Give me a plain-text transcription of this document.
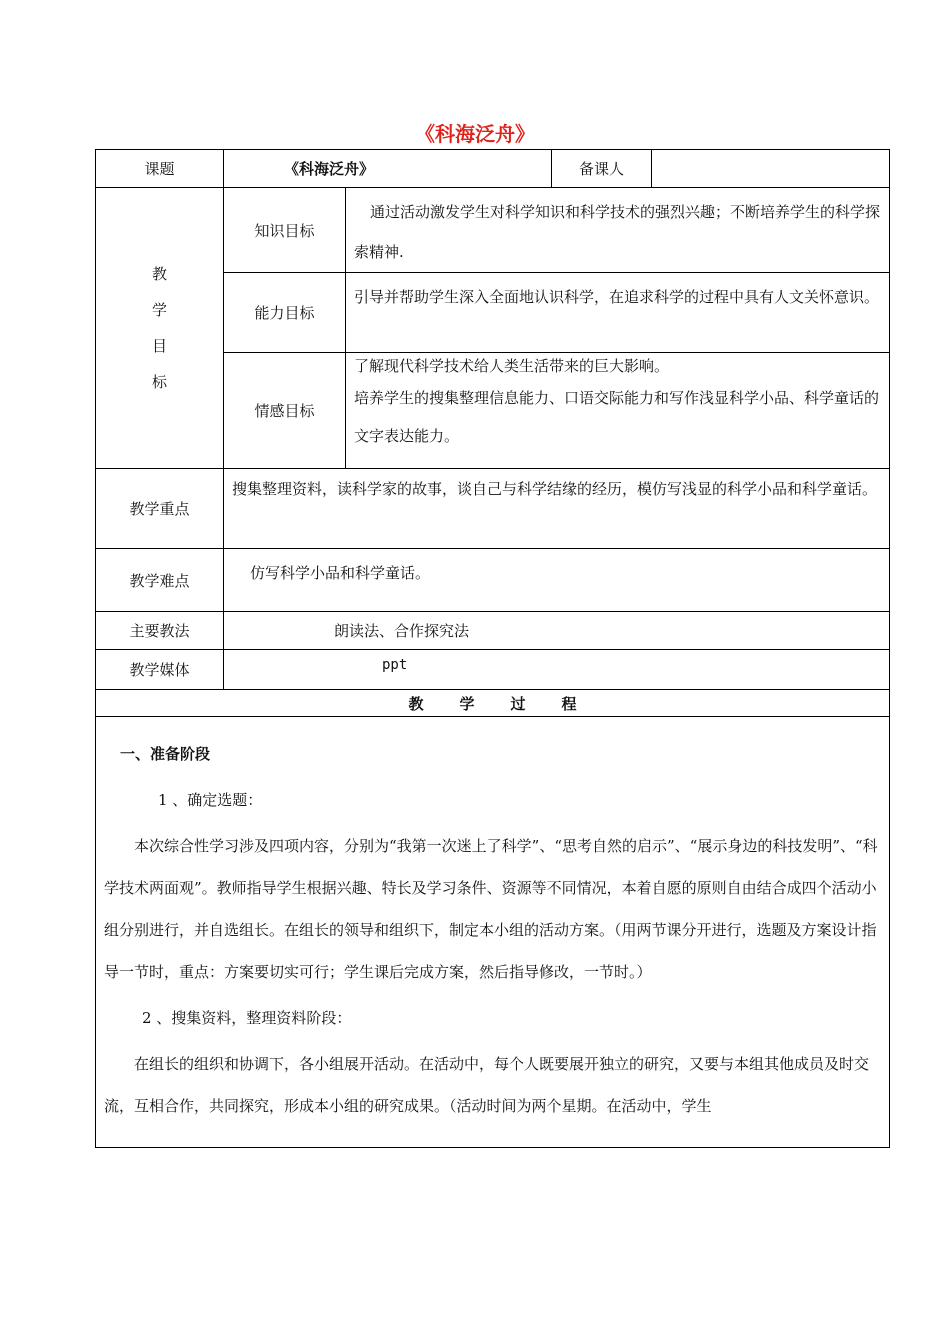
《科海泛舟》
课题	《科海泛舟》		备课人	

教
学
目
标	知识目标	通过活动激发学生对科学知识和科学技术的强烈兴趣；不断培养学生的科学探索精神.		
	能力目标	引导并帮助学生深入全面地认识科学，在追求科学的过程中具有人文关怀意识。		
	情感目标	了解现代科学技术给人类生活带来的巨大影响。
培养学生的搜集整理信息能力、口语交际能力和写作浅显科学小品、科学童话的文字表达能力。		

教学重点	搜集整理资料，读科学家的故事，谈自己与科学结缘的经历，模仿写浅显的科学小品和科学童话。			
教学难点	仿写科学小品和科学童话。			
主要教法	朗读法、合作探究法			
教学媒体	ppt			
教学过程				

一、准备阶段

1 、确定选题：

本次综合性学习涉及四项内容，分别为“我第一次迷上了科学”、“思考自然的启示”、“展示身边的科技发明”、“科学技术两面观”。教师指导学生根据兴趣、特长及学习条件、资源等不同情况，本着自愿的原则自由结合成四个活动小组分别进行，并自选组长。在组长的领导和组织下，制定本小组的活动方案。（用两节课分开进行，选题及方案设计指导一节时，重点：方案要切实可行；学生课后完成方案，然后指导修改，一节时。）

2 、搜集资料，整理资料阶段：

在组长的组织和协调下，各小组展开活动。在活动中，每个人既要展开独立的研究，又要与本组其他成员及时交流，互相合作，共同探究，形成本小组的研究成果。（活动时间为两个星期。在活动中，学生				
